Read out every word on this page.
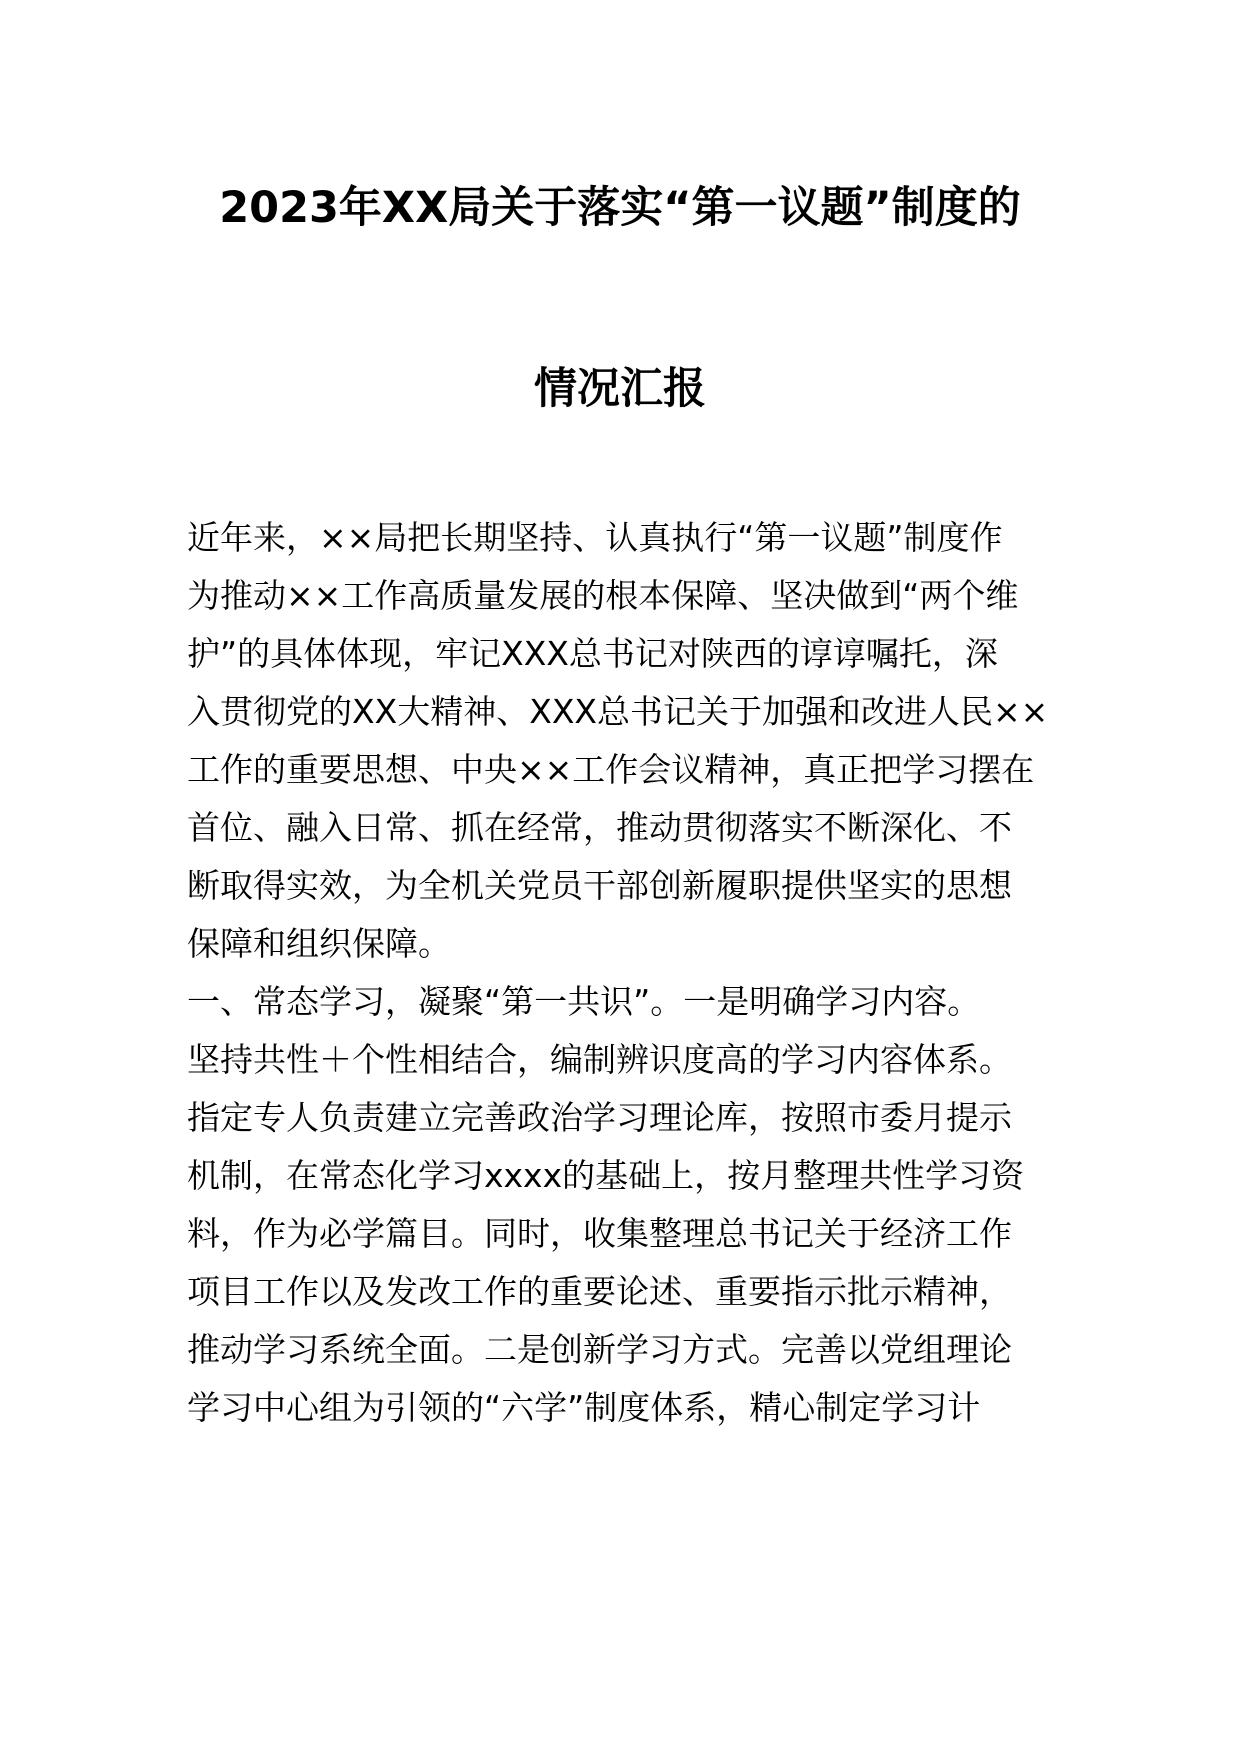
2023年XX局关于落实“第一议题”制度的
情况汇报
近年来，××局把长期坚持、认真执行“第一议题”制度作
为推动××工作高质量发展的根本保障、坚决做到“两个维
护”的具体体现，牢记XXX总书记对陕西的谆谆嘱托，深
入贯彻党的XX大精神、XXX总书记关于加强和改进人民××
工作的重要思想、中央××工作会议精神，真正把学习摆在
首位、融入日常、抓在经常，推动贯彻落实不断深化、不
断取得实效，为全机关党员干部创新履职提供坚实的思想
保障和组织保障。
一、常态学习，凝聚“第一共识”。一是明确学习内容。
坚持共性＋个性相结合，编制辨识度高的学习内容体系。
指定专人负责建立完善政治学习理论库，按照市委月提示
机制，在常态化学习xxxx的基础上，按月整理共性学习资
料，作为必学篇目。同时，收集整理总书记关于经济工作
项目工作以及发改工作的重要论述、重要指示批示精神，
推动学习系统全面。二是创新学习方式。完善以党组理论
学习中心组为引领的“六学”制度体系，精心制定学习计
